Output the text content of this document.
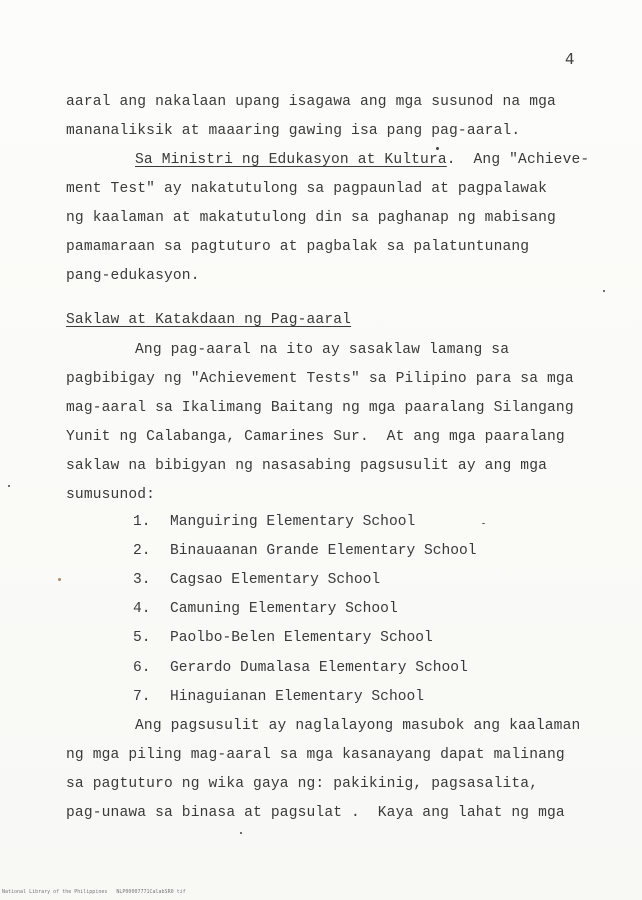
4
aaral ang nakalaan upang isagawa ang mga susunod na mga
mananaliksik at maaaring gawing isa pang pag-aaral.
Sa Ministri ng Edukasyon at Kultura.  Ang "Achieve-
ment Test" ay nakatutulong sa pagpaunlad at pagpalawak
ng kaalaman at makatutulong din sa paghanap ng mabisang
pamamaraan sa pagtuturo at pagbalak sa palatuntunang
pang-edukasyon.
Saklaw at Katakdaan ng Pag-aaral
Ang pag-aaral na ito ay sasaklaw lamang sa
pagbibigay ng "Achievement Tests" sa Pilipino para sa mga
mag-aaral sa Ikalimang Baitang ng mga paaralang Silangang
Yunit ng Calabanga, Camarines Sur.  At ang mga paaralang
saklaw na bibigyan ng nasasabing pagsusulit ay ang mga
sumusunod:
1. Manguiring Elementary School
2. Binauaanan Grande Elementary School
3. Cagsao Elementary School
4. Camuning Elementary School
5. Paolbo-Belen Elementary School
6. Gerardo Dumalasa Elementary School
7. Hinaguianan Elementary School
Ang pagsusulit ay naglalayong masubok ang kaalaman
ng mga piling mag-aaral sa mga kasanayang dapat malinang
sa pagtuturo ng wika gaya ng: pakikinig, pagsasalita,
pag-unawa sa binasa at pagsulat .  Kaya ang lahat ng mga
National Library of the Philippines   NLP00007771CalabSR0 tif
